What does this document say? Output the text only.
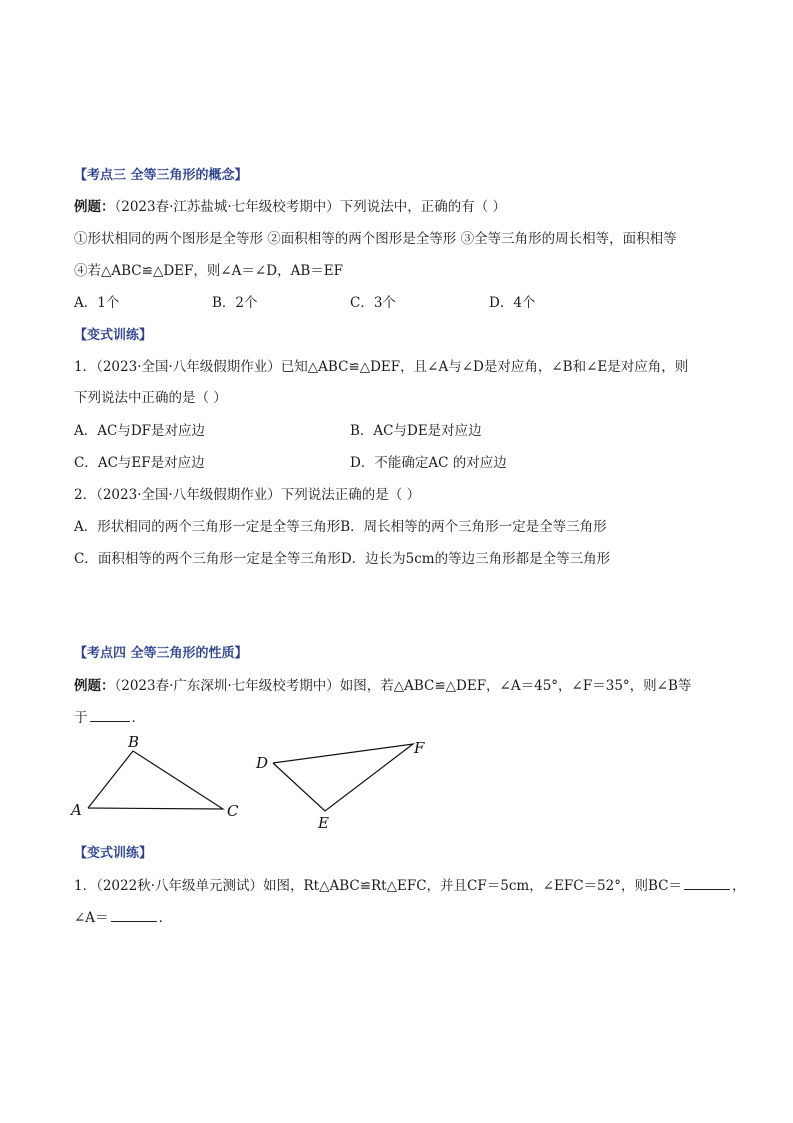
【考点三 全等三角形的概念】
例题：（2023春·江苏盐城·七年级校考期中）下列说法中，正确的有（ ）
①形状相同的两个图形是全等形 ②面积相等的两个图形是全等形 ③全等三角形的周长相等，面积相等
④若△ABC≌△DEF，则∠A＝∠D，AB＝EF
A．1个	B．2个	C．3个	D．4个
【变式训练】
1．（2023·全国·八年级假期作业）已知△ABC≌△DEF，且∠A与∠D是对应角，∠B和∠E是对应角，则
下列说法中正确的是（ ）
A．AC与DF是对应边	B．AC与DE是对应边
C．AC与EF是对应边	D．不能确定AC 的对应边
2．（2023·全国·八年级假期作业）下列说法正确的是（ ）
A．形状相同的两个三角形一定是全等三角形B．周长相等的两个三角形一定是全等三角形
C．面积相等的两个三角形一定是全等三角形D．边长为5cm的等边三角形都是全等三角形
【考点四 全等三角形的性质】
例题：（2023春·广东深圳·七年级校考期中）如图，若△ABC≌△DEF，∠A＝45°，∠F＝35°，则∠B等
于	．
A
B
C
D
F
E
【变式训练】
1．（2022秋·八年级单元测试）如图，Rt△ABC≌Rt△EFC，并且CF＝5cm，∠EFC＝52°，则BC＝	，
∠A＝	．
